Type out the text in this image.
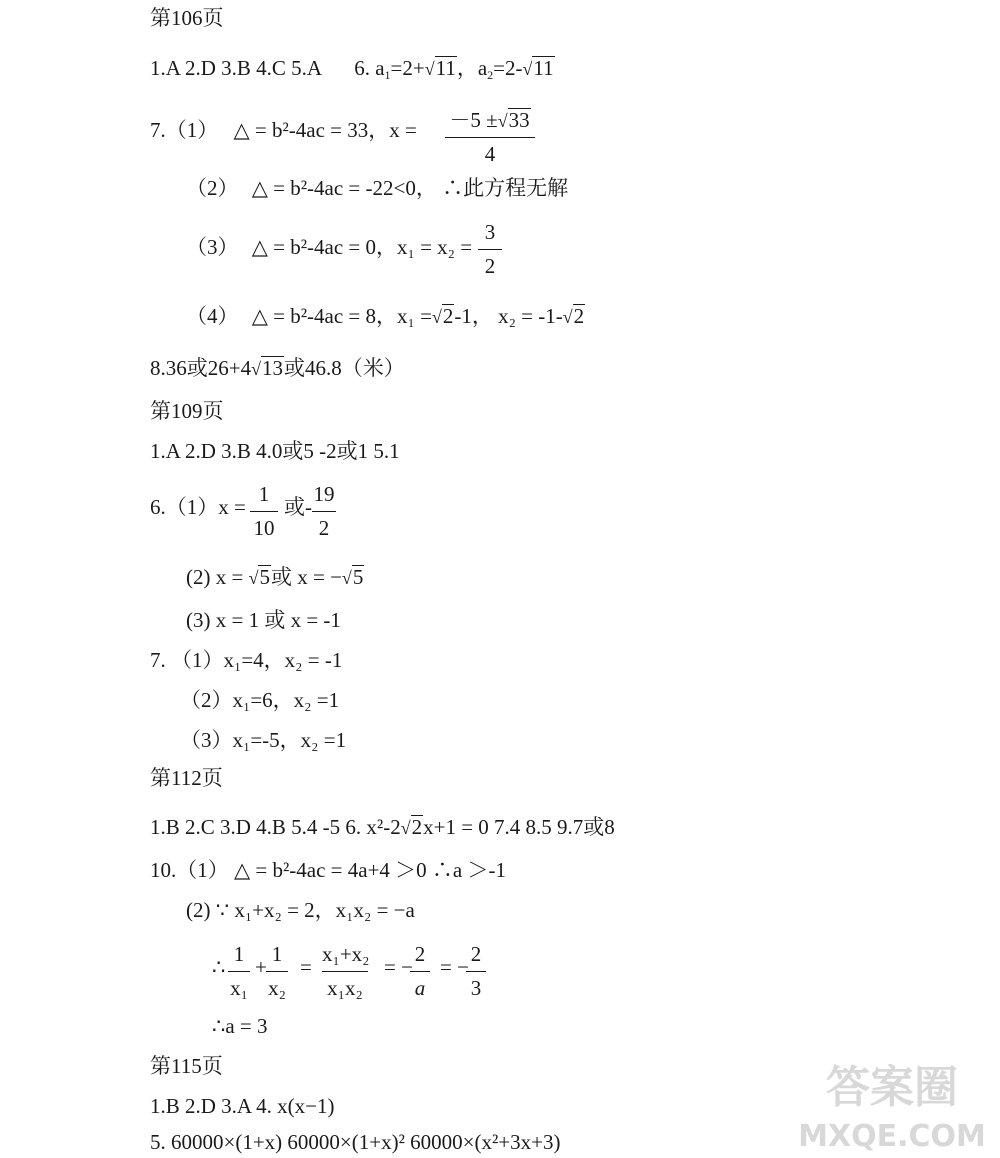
第106页
1.A 2.D 3.B 4.C 5.A 6. $a_1=2+√11$，$a_2=2-√11$
7.（1） △ = b²-4ac = 33，x = －5 ±√33
4
（2） △ = b²-4ac = -22<0， ∴此方程无解
（3） △ = b²-4ac = 0，x₁ = x₂ =
3
2
（4） △ = b²-4ac = 8，x₁ =√2-1， x₂ = -1-√2
8.36或26+4√13或46.8（米）
第109页
1.A 2.D 3.B 4.0或5 -2或1 5.1
6.（1）x =
1
10
或-
19
2
(2) x = √5或 x = −√5
(3) x = 1 或 x = -1
7. （1）x₁=4，x₂ = -1
（2）x₁=6，x₂ =1
（3）x₁=-5，x₂ =1
第112页
1.B 2.C 3.D 4.B 5.4 -5 6. x²-2√2x+1 = 0 7.4 8.5 9.7或8
10.（1） △ = b²-4ac = 4a+4 ＞0 ∴a ＞-1
(2) ∵ x₁+x₂ = 2，x₁x₂ = −a
∴
1
x₁
+
1
x₂
=
x₁+x₂
x₁x₂
= −
2
a
= −
2
3
∴a = 3
第115页
1.B 2.D 3.A 4. x(x−1)
5. 60000×(1+x) 60000×(1+x)² 60000×(x²+3x+3)
答案圈
MXQE.COM
